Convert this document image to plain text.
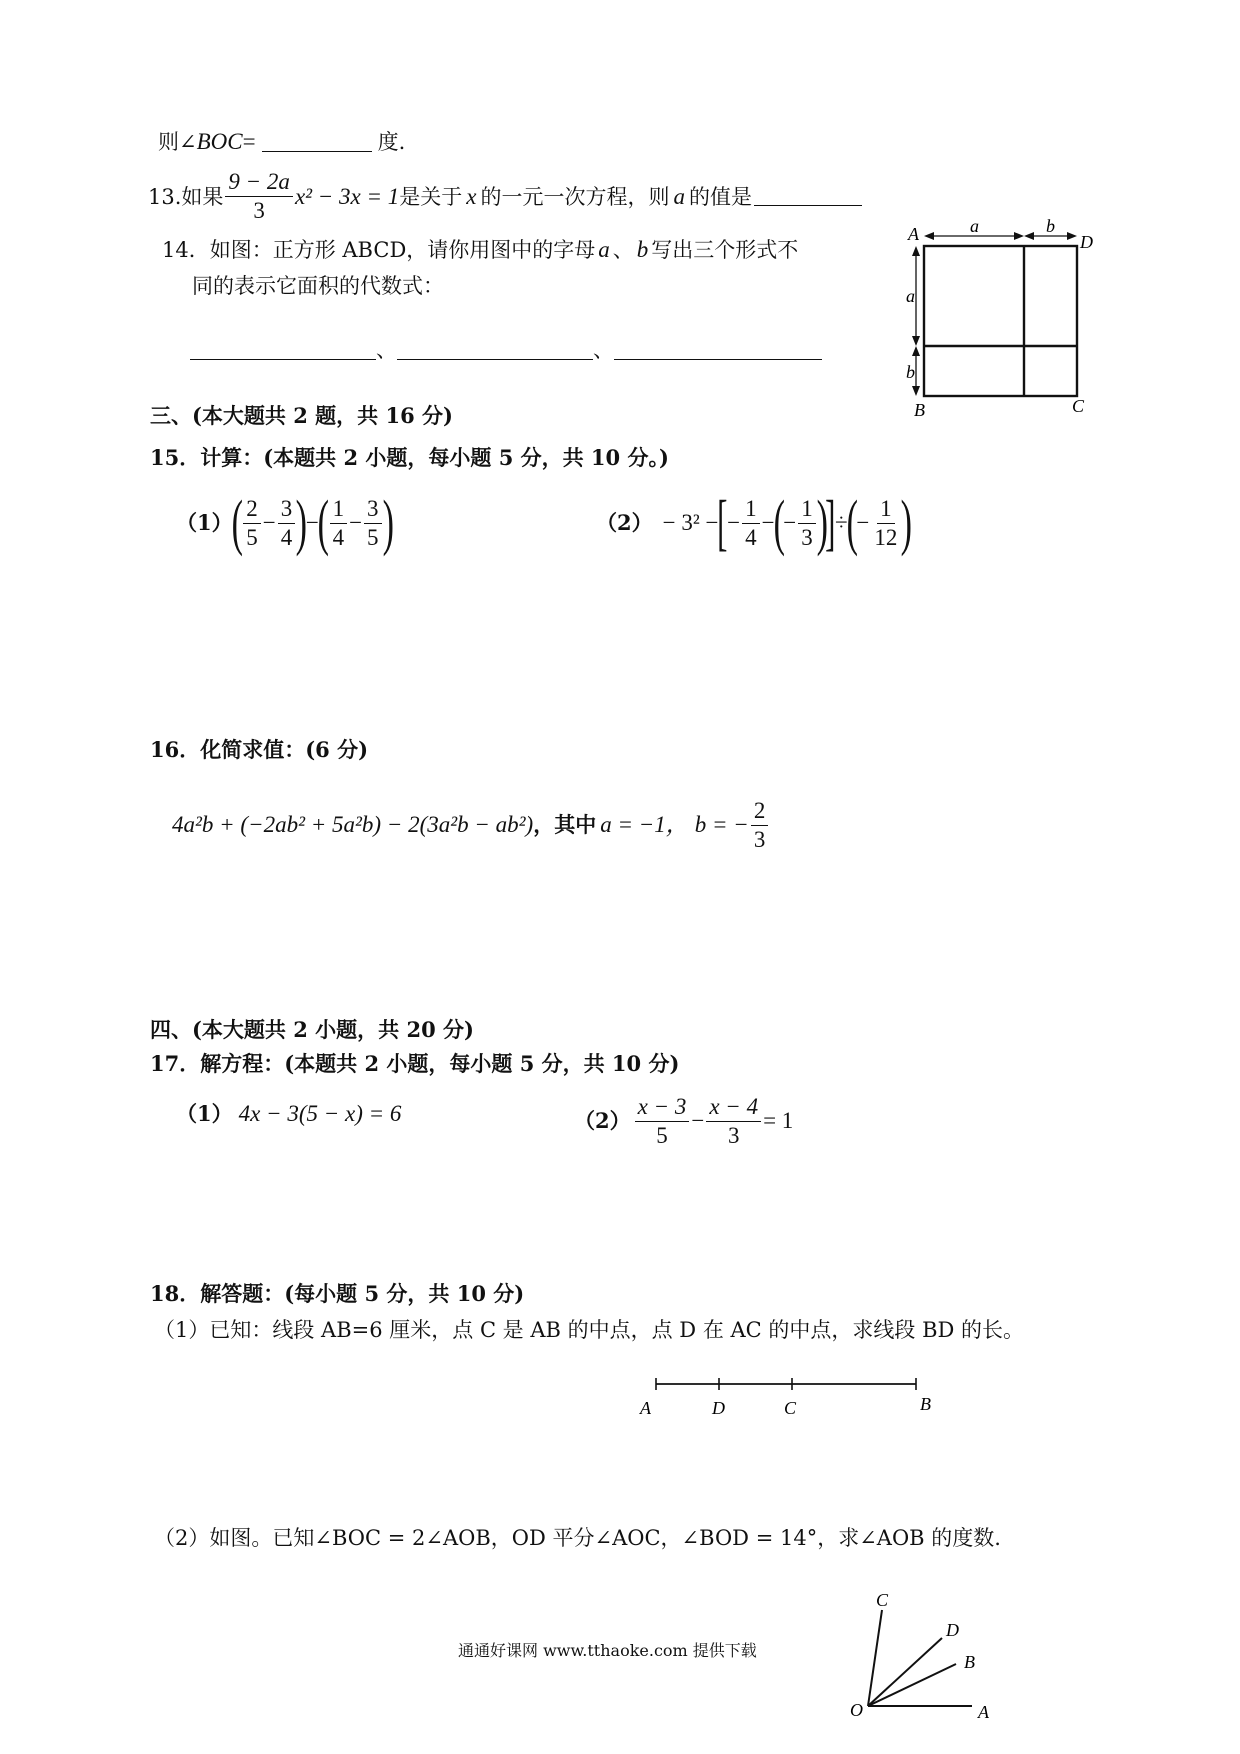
则∠ BOC =	度.
13. 如果 $\frac{9 - 2a}{3} x^2 - 3x = 1$ 是关于 x 的一元一次方程，则 a 的值是
14．如图：正方形 ABCD，请你用图中的字母 a 、 b 写出三个形式不
同的表示它面积的代数式：
、	、
A	D
B	C
a	b
a
b
三、(本大题共 2 题，共 16 分)
15．计算：(本题共 2 小题，每小题 5 分，共 10 分。)
（1）
( $\frac{2}{5} - \frac{3}{4}$ )
−
( $\frac{1}{4} - \frac{3}{5}$ )	（2） − 3² − [ − $\frac{1}{4}$ −
(
− $\frac{1}{3}$ )
] ÷
(
− $\frac{1}{12}$ )
16．化简求值：(6 分)
4a²b + (−2ab² + 5a²b) − 2(3a²b − ab²) ，其中 a = −1， b = − $\frac{2}{3}$
四、(本大题共 2 小题，共 20 分)
17．解方程：(本题共 2 小题，每小题 5 分，共 10 分)
（1） 4x − 3(5 − x) = 6	$(2) \frac{x - 3}{5} - \frac{x - 4}{3} = 1$
18．解答题：(每小题 5 分，共 10 分)
（1）已知：线段 AB=6 厘米，点 C 是 AB 的中点，点 D 在 AC 的中点，求线段 BD 的长。
A	D	C	B
（2）如图。已知∠BOC = 2∠AOB，OD 平分∠AOC，∠BOD = 14°，求∠AOB 的度数.
O	A
B
D
C
通通好课网 www.tthaoke.com 提供下载
